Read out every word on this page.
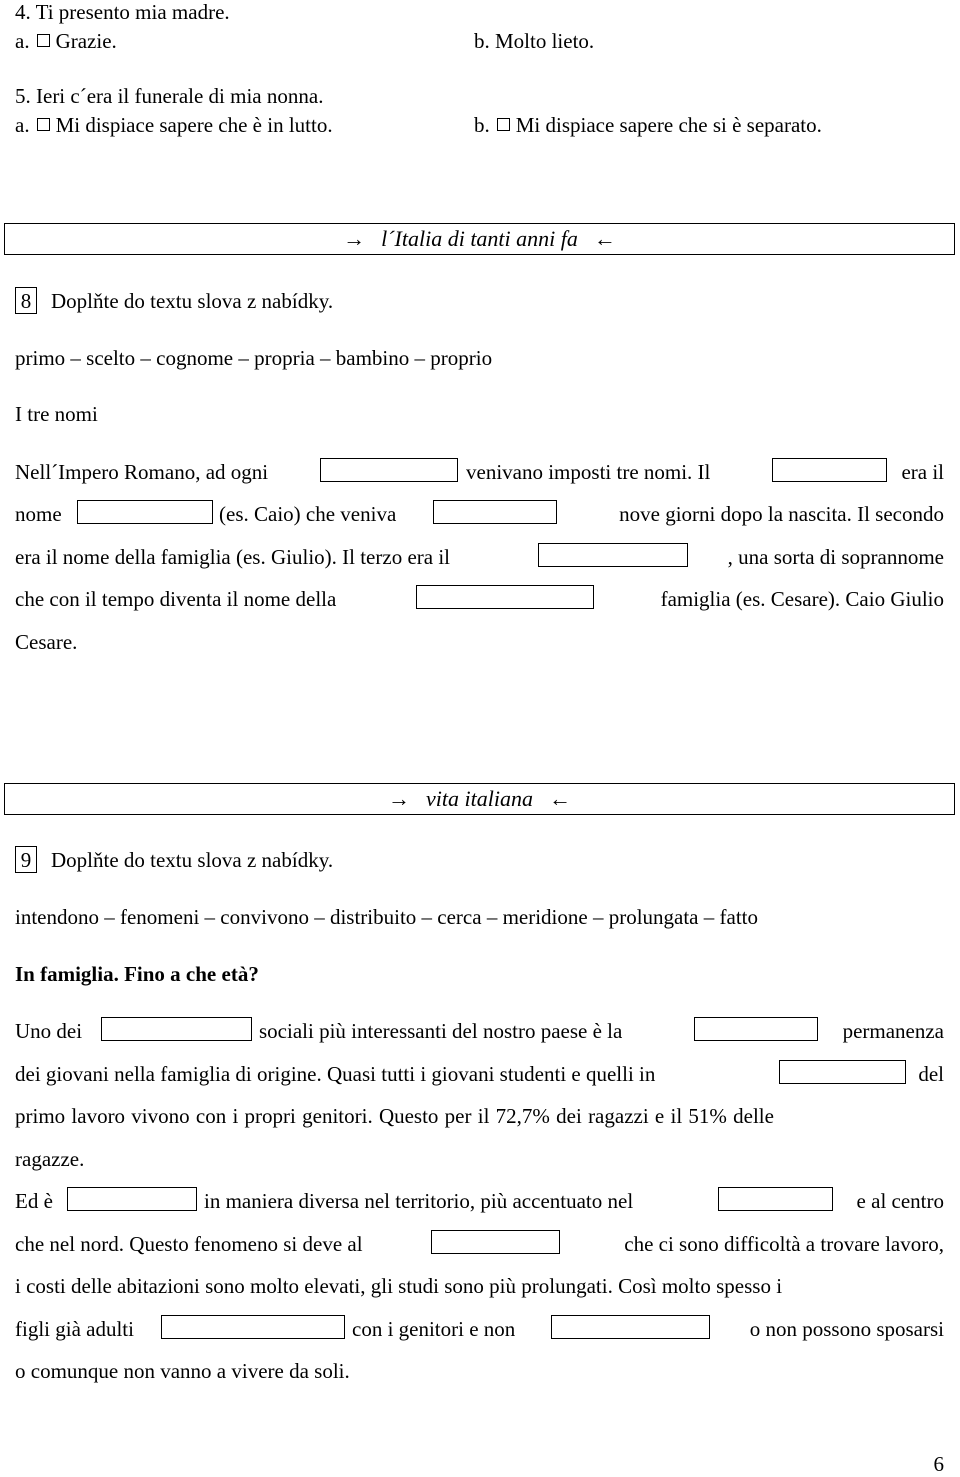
4. Ti presento mia madre.
a. Grazie.	b. Molto lieto.
5. Ieri c´era il funerale di mia nonna.
a. Mi dispiace sapere che è in lutto.	b. Mi dispiace sapere che si è separato.
→ l´Italia di tanti anni fa ←
8 Doplňte do textu slova z nabídky.
primo – scelto – cognome – propria – bambino – proprio
I tre nomi
Nell´Impero Romano, ad ogni	venivano imposti tre nomi. Il	era il
nome	(es. Caio) che veniva	nove giorni dopo la nascita. Il secondo
era il nome della famiglia (es. Giulio). Il terzo era il	, una sorta di soprannome
che con il tempo diventa il nome della	famiglia (es. Cesare). Caio Giulio
Cesare.
→ vita italiana ←
9 Doplňte do textu slova z nabídky.
intendono – fenomeni – convivono – distribuito – cerca – meridione – prolungata – fatto
In famiglia. Fino a che età?
Uno dei	sociali più interessanti del nostro paese è la	permanenza
dei giovani nella famiglia di origine. Quasi tutti i giovani studenti e quelli in	del
primo lavoro vivono con i propri genitori. Questo per il 72,7% dei ragazzi e il 51% delle
ragazze.
Ed è	in maniera diversa nel territorio, più accentuato nel	e al centro
che nel nord. Questo fenomeno si deve al	che ci sono difficoltà a trovare lavoro,
i costi delle abitazioni sono molto elevati, gli studi sono più prolungati. Così molto spesso i
figli già adulti	con i genitori e non	o non possono sposarsi
o comunque non vanno a vivere da soli.
6
